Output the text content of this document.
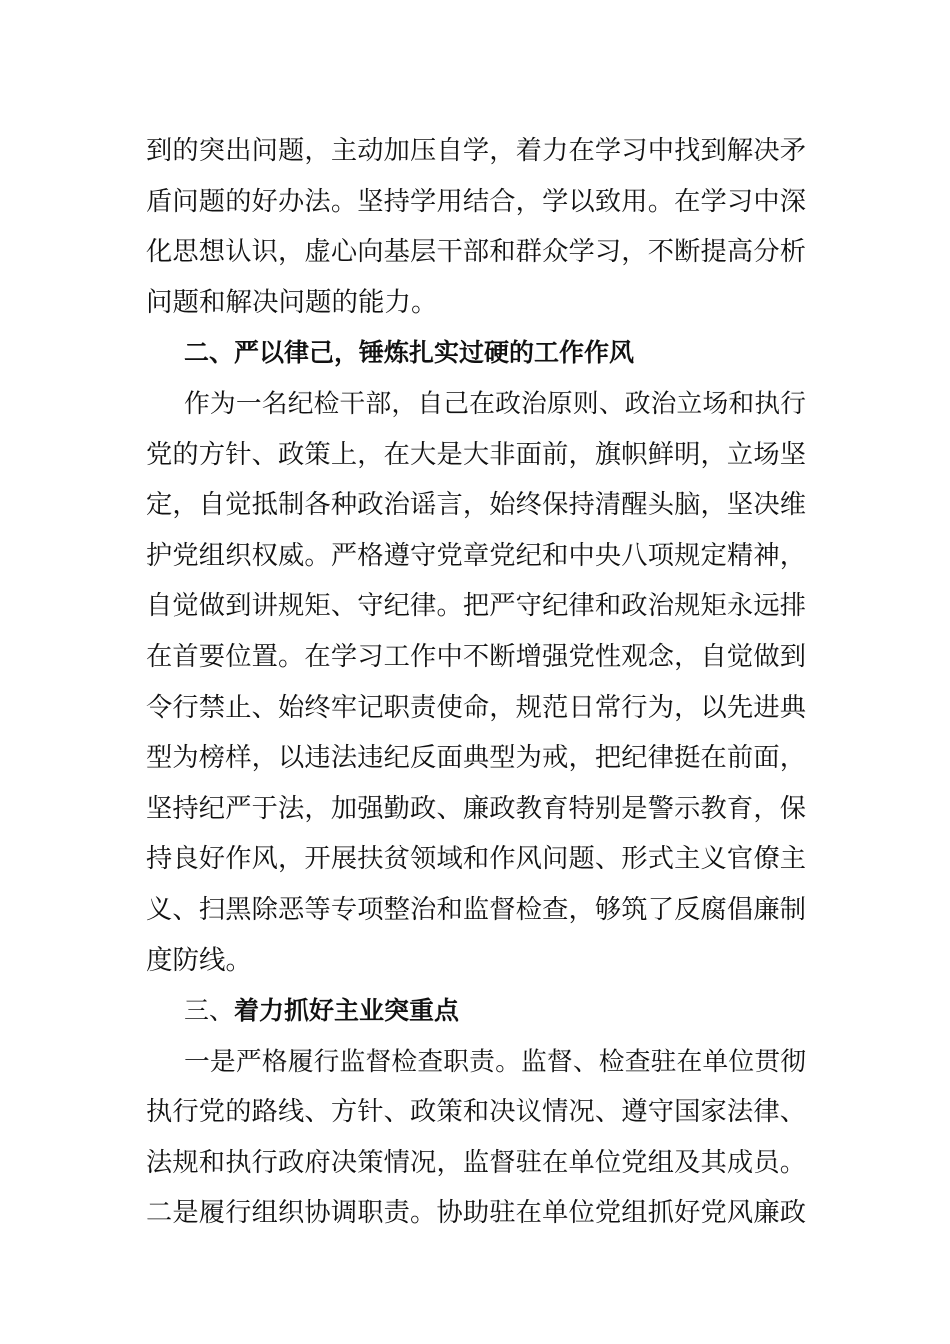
到的突出问题，主动加压自学，着力在学习中找到解决矛
盾问题的好办法。坚持学用结合，学以致用。在学习中深
化思想认识，虚心向基层干部和群众学习，不断提高分析
问题和解决问题的能力。
二、严以律己，锤炼扎实过硬的工作作风
作为一名纪检干部，自己在政治原则、政治立场和执行
党的方针、政策上，在大是大非面前，旗帜鲜明，立场坚
定，自觉抵制各种政治谣言，始终保持清醒头脑，坚决维
护党组织权威。严格遵守党章党纪和中央八项规定精神，
自觉做到讲规矩、守纪律。把严守纪律和政治规矩永远排
在首要位置。在学习工作中不断增强党性观念，自觉做到
令行禁止、始终牢记职责使命，规范日常行为，以先进典
型为榜样，以违法违纪反面典型为戒，把纪律挺在前面，
坚持纪严于法，加强勤政、廉政教育特别是警示教育，保
持良好作风，开展扶贫领域和作风问题、形式主义官僚主
义、扫黑除恶等专项整治和监督检查，够筑了反腐倡廉制
度防线。
三、着力抓好主业突重点
一是严格履行监督检查职责。监督、检查驻在单位贯彻
执行党的路线、方针、政策和决议情况、遵守国家法律、
法规和执行政府决策情况，监督驻在单位党组及其成员。
二是履行组织协调职责。协助驻在单位党组抓好党风廉政
